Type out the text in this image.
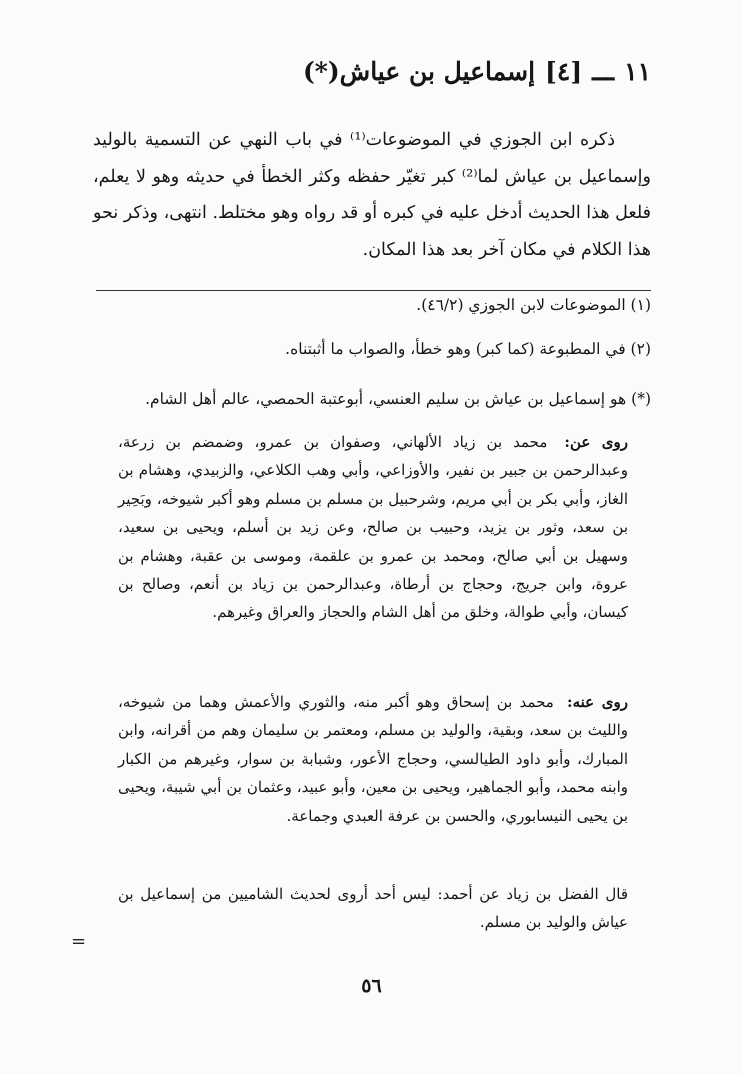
١١ـــ[٤]إسماعيل بن عياش(*)

ذكره ابن الجوزي في الموضوعات⁽¹⁾ في باب النهي عن التسمية بالوليد وإسماعيل بن عياش لما⁽²⁾ كبر تغيّر حفظه وكثر الخطأ في حديثه وهو لا يعلم، فلعل هذا الحديث أدخل عليه في كبره أو قد رواه وهو مختلط. انتهى، وذكر نحو هذا الكلام في مكان آخر بعد هذا المكان.

(١) الموضوعات لابن الجوزي (٤٦/٢).
(٢) في المطبوعة (كما كبر) وهو خطأ، والصواب ما أثبتناه.
(*) هو إسماعيل بن عياش بن سليم العنسي، أبوعتبة الحمصي، عالم أهل الشام.
روى عن: محمد بن زياد الألهاني، وصفوان بن عمرو، وضمضم بن زرعة، وعبدالرحمن بن جبير بن نفير، والأوزاعي، وأبي وهب الكلاعي، والزبيدي، وهشام بن الغاز، وأبي بكر بن أبي مريم، وشرحبيل بن مسلم بن مسلم وهو أكبر شيوخه، وبَحِير بن سعد، وثور بن يزيد، وحبيب بن صالح، وعن زيد بن أسلم، ويحيى بن سعيد، وسهيل بن أبي صالح، ومحمد بن عمرو بن علقمة، وموسى بن عقبة، وهشام بن عروة، وابن جريج، وحجاج بن أرطاة، وعبدالرحمن بن زياد بن أنعم، وصالح بن كيسان، وأبي طوالة، وخلق من أهل الشام والحجاز والعراق وغيرهم.
روى عنه: محمد بن إسحاق وهو أكبر منه، والثوري والأعمش وهما من شيوخه، والليث بن سعد، وبقية، والوليد بن مسلم، ومعتمر بن سليمان وهم من أقرانه، وابن المبارك، وأبو داود الطيالسي، وحجاج الأعور، وشبابة بن سوار، وغيرهم من الكبار وابنه محمد، وأبو الجماهير، ويحيى بن معين، وأبو عبيد، وعثمان بن أبي شيبة، ويحيى بن يحيى النيسابوري، والحسن بن عرفة العبدي وجماعة.
قال الفضل بن زياد عن أحمد: ليس أحد أروى لحديث الشاميين من إسماعيل بن عياش والوليد بن مسلم.
٥٦
=
